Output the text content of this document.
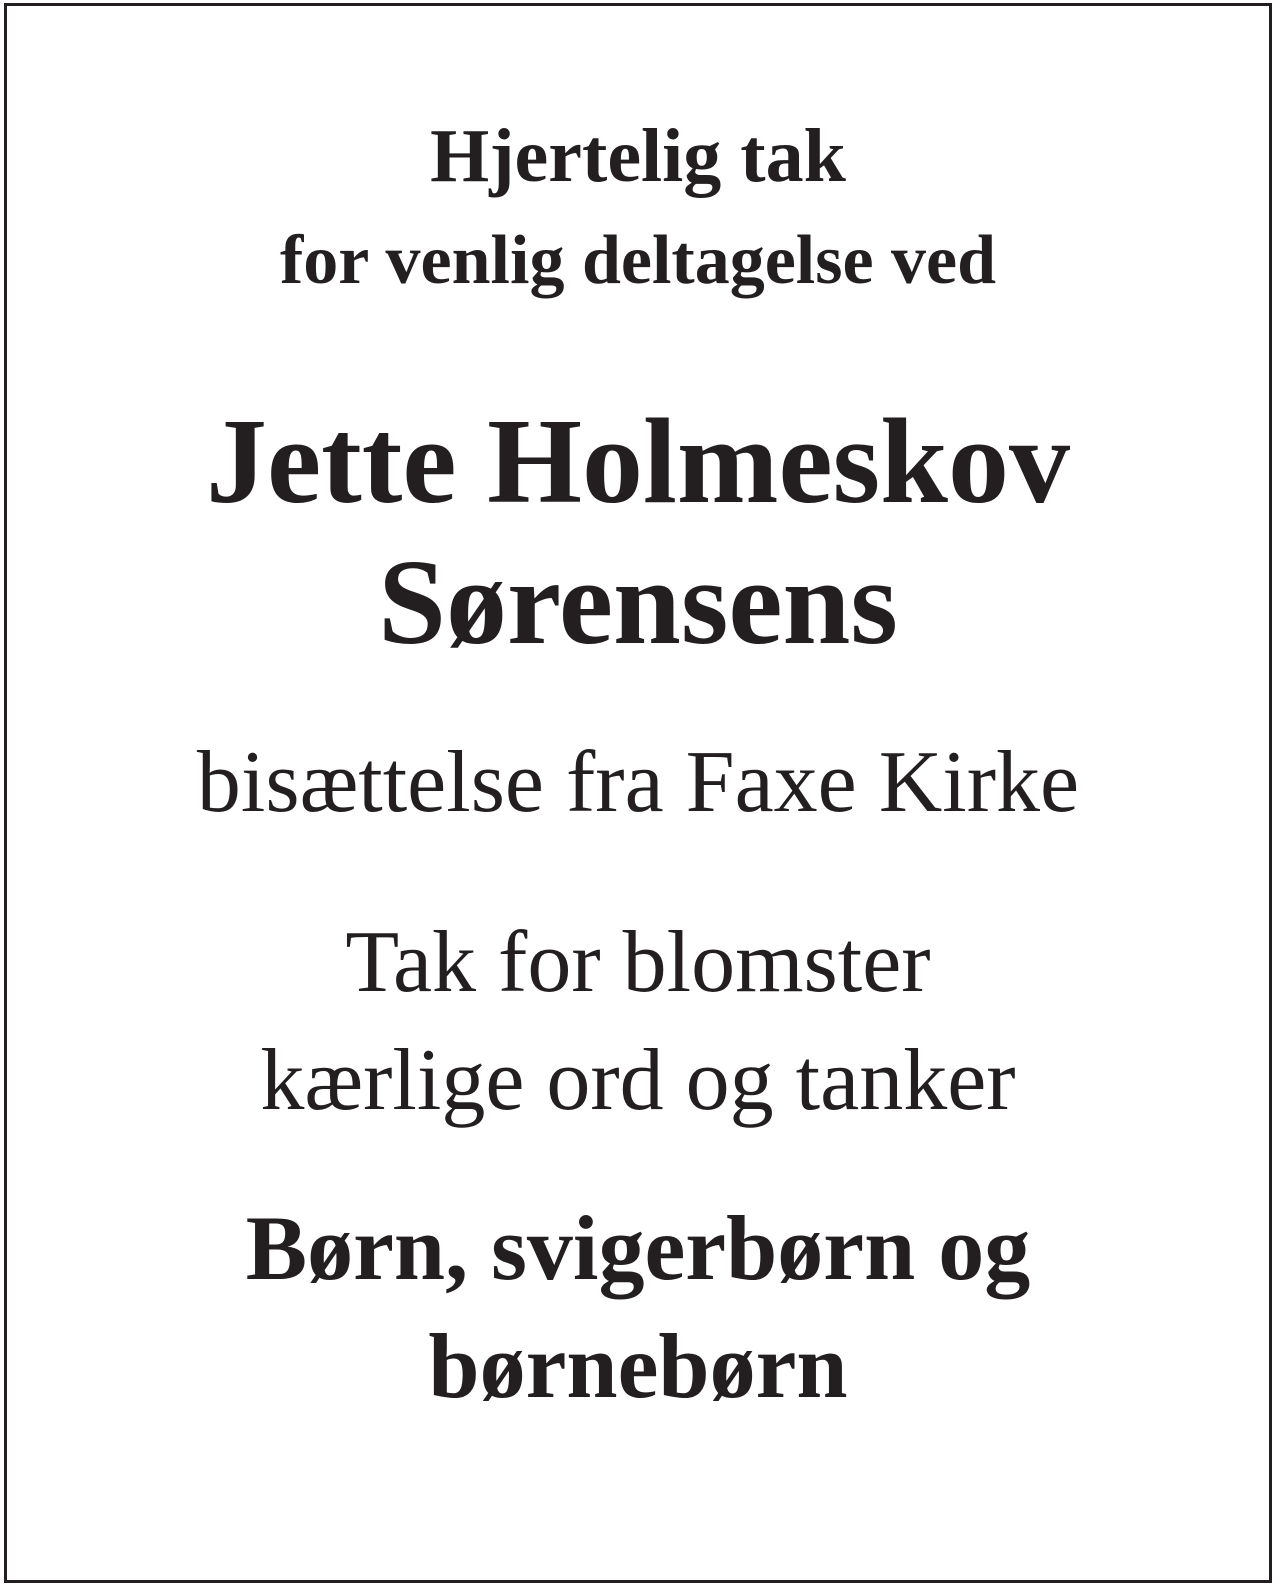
Hjertelig tak
for venlig deltagelse ved
Jette Holmeskov
Sørensens
bisættelse fra Faxe Kirke
Tak for blomster
kærlige ord og tanker
Børn, svigerbørn og
børnebørn
